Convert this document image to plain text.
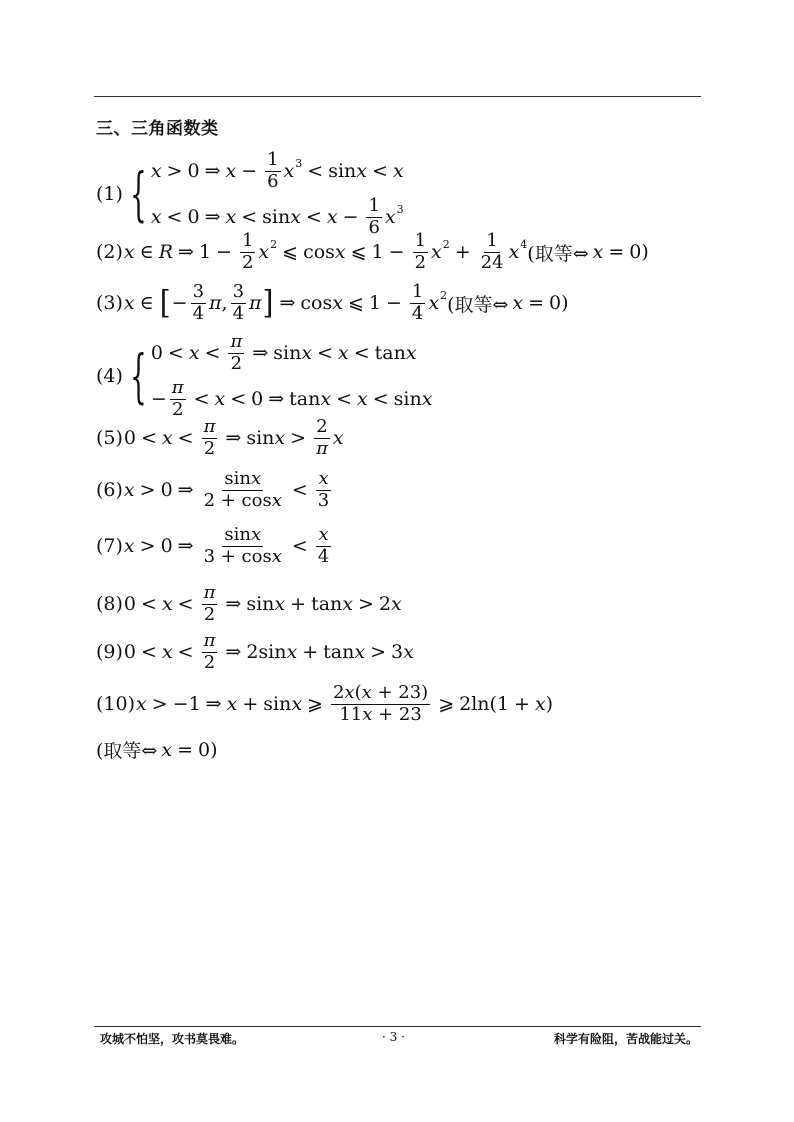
三、三角函数类
(1) { x > 0 ⇒ $x - \frac{1}{6}$ x 3 < sin x < x
x < 0 ⇒ $x < \sin x < x - \frac{1}{6}$ x 3
(2) x ∈ R ⇒ $1 - \frac{1}{2}$ x 2 ⩽ cos x ⩽ $1 - \frac{1}{2}$ x $2 + \frac{1}{24}$ x 4 (取等⇔ x = 0)
(3) x ∈ [ − $\frac{3}{4}$ π , $\frac{3}{4}$ π ] ⇒ cos x ⩽ $1 - \frac{1}{4}$ x 2 (取等⇔ x = 0)
(4) { $0 < x < \frac{\pi}{2}$ ⇒ sin x < x < tan x
− $\frac{\pi}{2} < x < 0$ ⇒ tan x < x < sin x
(5) $0 < x < \frac{\pi}{2}$ ⇒ $\sin x > \frac{2}{\pi}$ x
(6) x > 0 ⇒ $\frac{\sin x}{2 + \cos x} < \frac{x}{3}$
(7) x > 0 ⇒ $\frac{\sin x}{3 + \cos x} < \frac{x}{4}$
(8) $0 < x < \frac{\pi}{2}$ ⇒ sin x + tan x > 2 x
(9) $0 < x < \frac{\pi}{2}$ ⇒ 2sin x + tan x > 3 x
(10) x > −1 ⇒ x + sin x ⩾ $\frac{2x(x + 23)}{11x + 23}$ ⩾ 2ln(1 + x )
(取等⇔ x = 0)
攻城不怕坚，攻书莫畏难。	· 3 ·	科学有险阻，苦战能过关。
